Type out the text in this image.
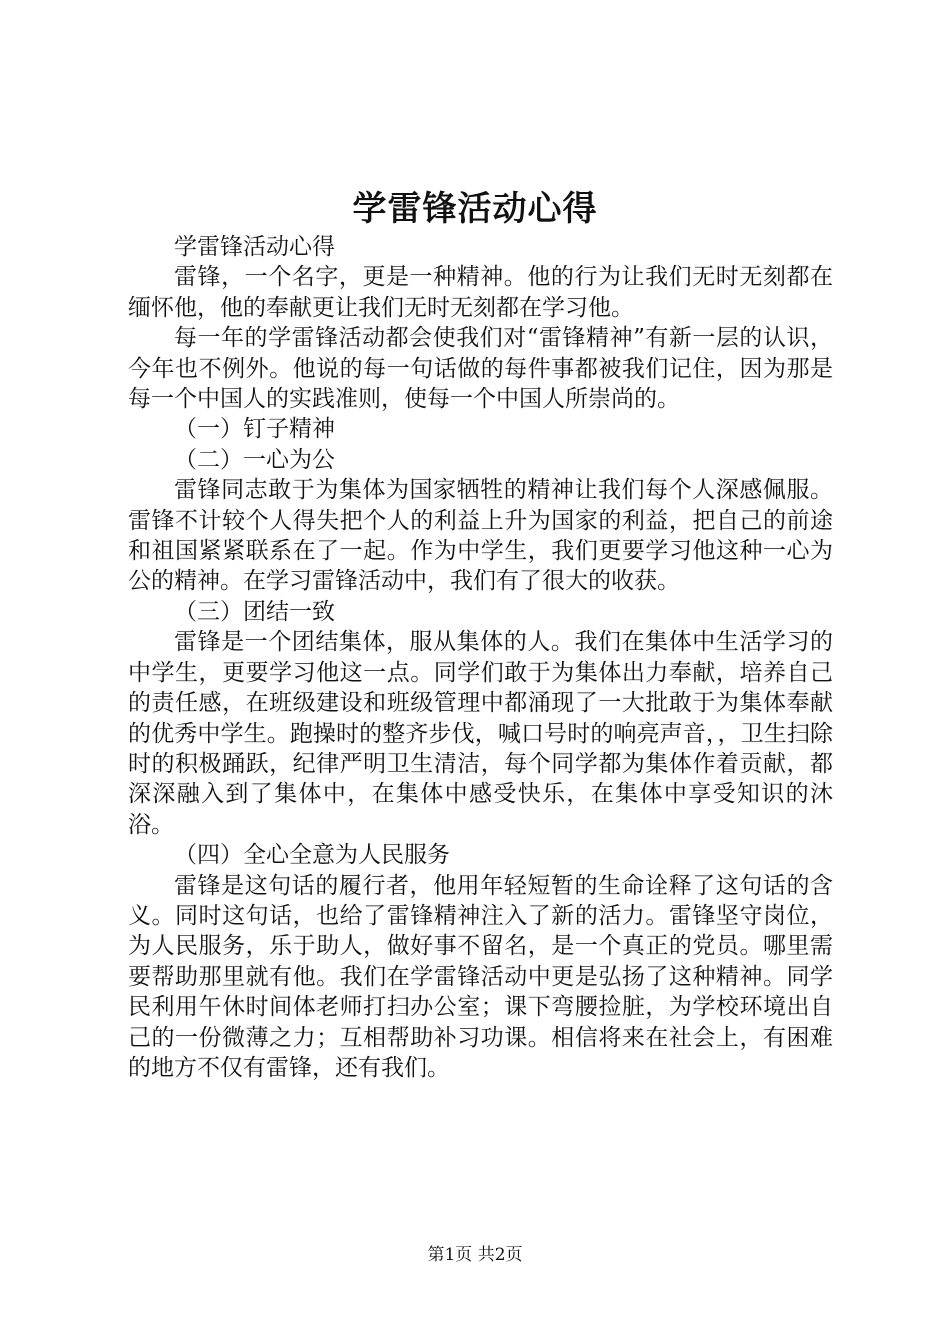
学雷锋活动心得

学雷锋活动心得

雷锋，一个名字，更是一种精神。他的行为让我们无时无刻都在缅怀他，他的奉献更让我们无时无刻都在学习他。

每一年的学雷锋活动都会使我们对“雷锋精神”有新一层的认识，今年也不例外。他说的每一句话做的每件事都被我们记住，因为那是每一个中国人的实践准则，使每一个中国人所崇尚的。

（一）钉子精神

（二）一心为公

雷锋同志敢于为集体为国家牺牲的精神让我们每个人深感佩服。雷锋不计较个人得失把个人的利益上升为国家的利益，把自己的前途和祖国紧紧联系在了一起。作为中学生，我们更要学习他这种一心为公的精神。在学习雷锋活动中，我们有了很大的收获。

（三）团结一致

雷锋是一个团结集体，服从集体的人。我们在集体中生活学习的中学生，更要学习他这一点。同学们敢于为集体出力奉献，培养自己的责任感，在班级建设和班级管理中都涌现了一大批敢于为集体奉献的优秀中学生。跑操时的整齐步伐，喊口号时的响亮声音，，卫生扫除时的积极踊跃，纪律严明卫生清洁，每个同学都为集体作着贡献，都深深融入到了集体中，在集体中感受快乐，在集体中享受知识的沐浴。

（四）全心全意为人民服务

雷锋是这句话的履行者，他用年轻短暂的生命诠释了这句话的含义。同时这句话，也给了雷锋精神注入了新的活力。雷锋坚守岗位，为人民服务，乐于助人，做好事不留名，是一个真正的党员。哪里需要帮助那里就有他。我们在学雷锋活动中更是弘扬了这种精神。同学民利用午休时间体老师打扫办公室；课下弯腰捡脏，为学校环境出自己的一份微薄之力；互相帮助补习功课。相信将来在社会上，有困难的地方不仅有雷锋，还有我们。

第1页 共2页
